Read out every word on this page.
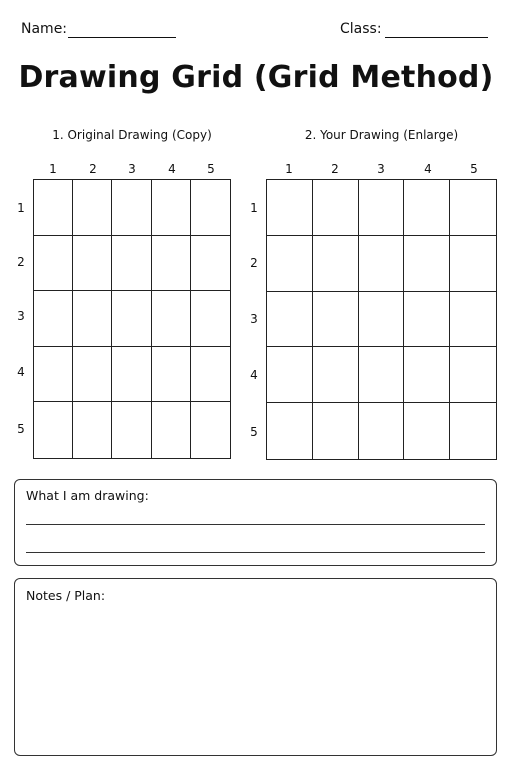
Name:	Class:
Drawing Grid (Grid Method)
1. Original Drawing (Copy)	2. Your Drawing (Enlarge)
1	2	3	4	5
1
2
3
4
5
1	2	3	4	5
1
2
3
4
5
What I am drawing:
Notes / Plan:
